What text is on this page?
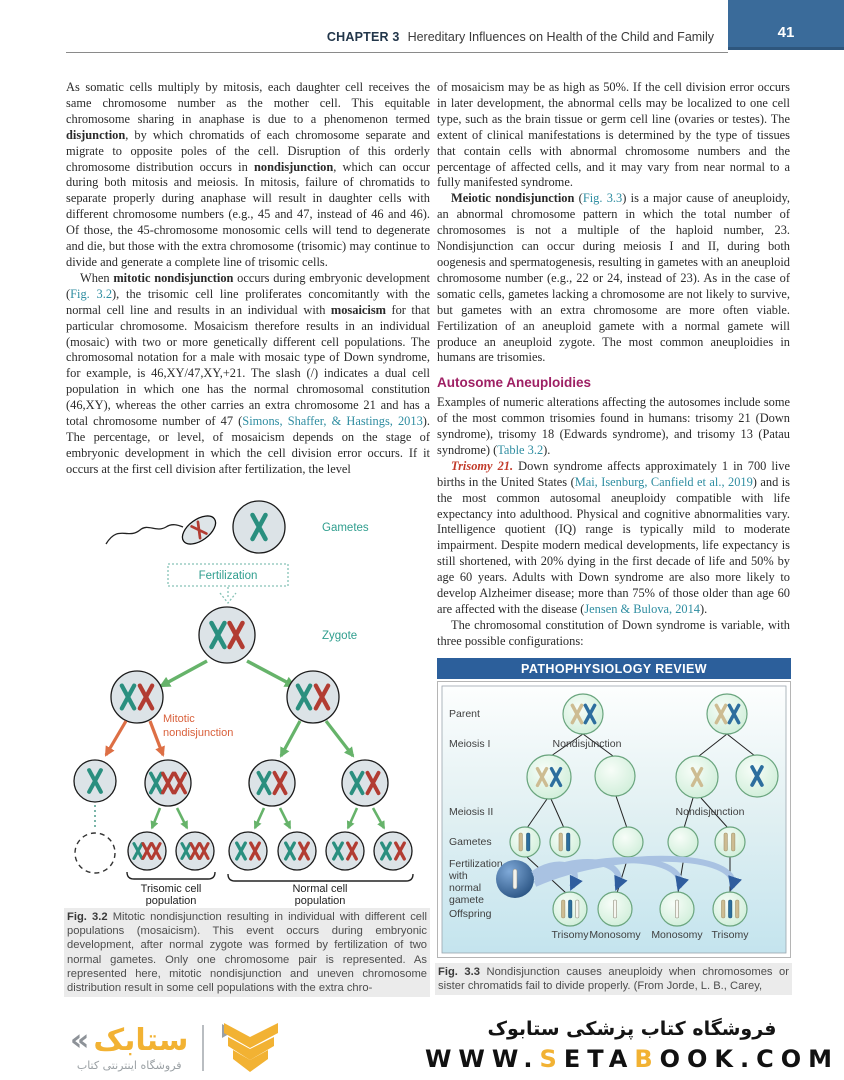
CHAPTER 3 Hereditary Influences on Health of the Child and Family	41

As somatic cells multiply by mitosis, each daughter cell receives the same chromosome number as the mother cell. This equitable chromosome sharing in anaphase is due to a phenomenon termed disjunction, by which chromatids of each chromosome separate and migrate to opposite poles of the cell. Disruption of this orderly chromosome distribution occurs in nondisjunction, which can occur during both mitosis and meiosis. In mitosis, failure of chromatids to separate properly during anaphase will result in daughter cells with different chromosome numbers (e.g., 45 and 47, instead of 46 and 46). Of those, the 45-chromosome monosomic cells will tend to degenerate and die, but those with the extra chromosome (trisomic) may continue to divide and generate a complete line of trisomic cells.

When mitotic nondisjunction occurs during embryonic development (Fig. 3.2), the trisomic cell line proliferates concomitantly with the normal cell line and results in an individual with mosaicism for that particular chromosome. Mosaicism therefore results in an individual (mosaic) with two or more genetically different cell populations. The chromosomal notation for a male with mosaic type of Down syndrome, for example, is 46,XY/47,XY,+21. The slash (/) indicates a dual cell population in which one has the normal chromosomal constitution (46,XY), whereas the other carries an extra chromosome 21 and has a total chromosome number of 47 (Simons, Shaffer, & Hastings, 2013). The percentage, or level, of mosaicism depends on the stage of embryonic development in which the cell division error occurs. If it occurs at the first cell division after fertilization, the level

of mosaicism may be as high as 50%. If the cell division error occurs in later development, the abnormal cells may be localized to one cell type, such as the brain tissue or germ cell line (ovaries or testes). The extent of clinical manifestations is determined by the type of tissues that contain cells with abnormal chromosome numbers and the percentage of affected cells, and it may vary from near normal to a fully manifested syndrome.

Meiotic nondisjunction (Fig. 3.3) is a major cause of aneuploidy, an abnormal chromosome pattern in which the total number of chromosomes is not a multiple of the haploid number, 23. Nondisjunction can occur during meiosis I and II, during both oogenesis and spermatogenesis, resulting in gametes with an aneuploid chromosome number (e.g., 22 or 24, instead of 23). As in the case of somatic cells, gametes lacking a chromosome are not likely to survive, but gametes with an extra chromosome are more often viable. Fertilization of an aneuploid gamete with a normal gamete will produce an aneuploid zygote. The most common aneuploidies in humans are trisomies.

Autosome Aneuploidies

Examples of numeric alterations affecting the autosomes include some of the most common trisomies found in humans: trisomy 21 (Down syndrome), trisomy 18 (Edwards syndrome), and trisomy 13 (Patau syndrome) (Table 3.2).

Trisomy 21. Down syndrome affects approximately 1 in 700 live births in the United States (Mai, Isenburg, Canfield et al., 2019) and is the most common autosomal aneuploidy compatible with life expectancy into adulthood. Physical and cognitive abnormalities vary. Intelligence quotient (IQ) range is typically mild to moderate impairment. Despite modern medical developments, life expectancy is still shortened, with 20% dying in the first decade of life and 50% by age 60 years. Adults with Down syndrome are also more likely to develop Alzheimer disease; more than 75% of those older than age 60 are affected with the disease (Jensen & Bulova, 2014).

The chromosomal constitution of Down syndrome is variable, with three possible configurations:

Gametes
Fertilization
Zygote
Mitotic
nondisjunction
Trisomic cell
population
Normal cell
population
Fig. 3.2 Mitotic nondisjunction resulting in individual with different cell populations (mosaicism). This event occurs during embryonic development, after normal zygote was formed by fertilization of two normal gametes. Only one chromosome pair is represented. As represented here, mitotic nondisjunction and uneven chromosome distribution result in some cell populations with the extra chro-
PATHOPHYSIOLOGY REVIEW
Parent
Meiosis I
Meiosis II
Gametes
Fertilization
with
normal
gamete
Offspring
Nondisjunction
Nondisjunction
Trisomy Monosomy Monosomy Trisomy
Fig. 3.3 Nondisjunction causes aneuploidy when chromosomes or sister chromatids fail to divide properly. (From Jorde, L. B., Carey,
« ستابک
فروشگاه اینترنتی کتاب
فروشگاه کتاب پزشکی ستابوک
WWW.SETABOOK.COM
